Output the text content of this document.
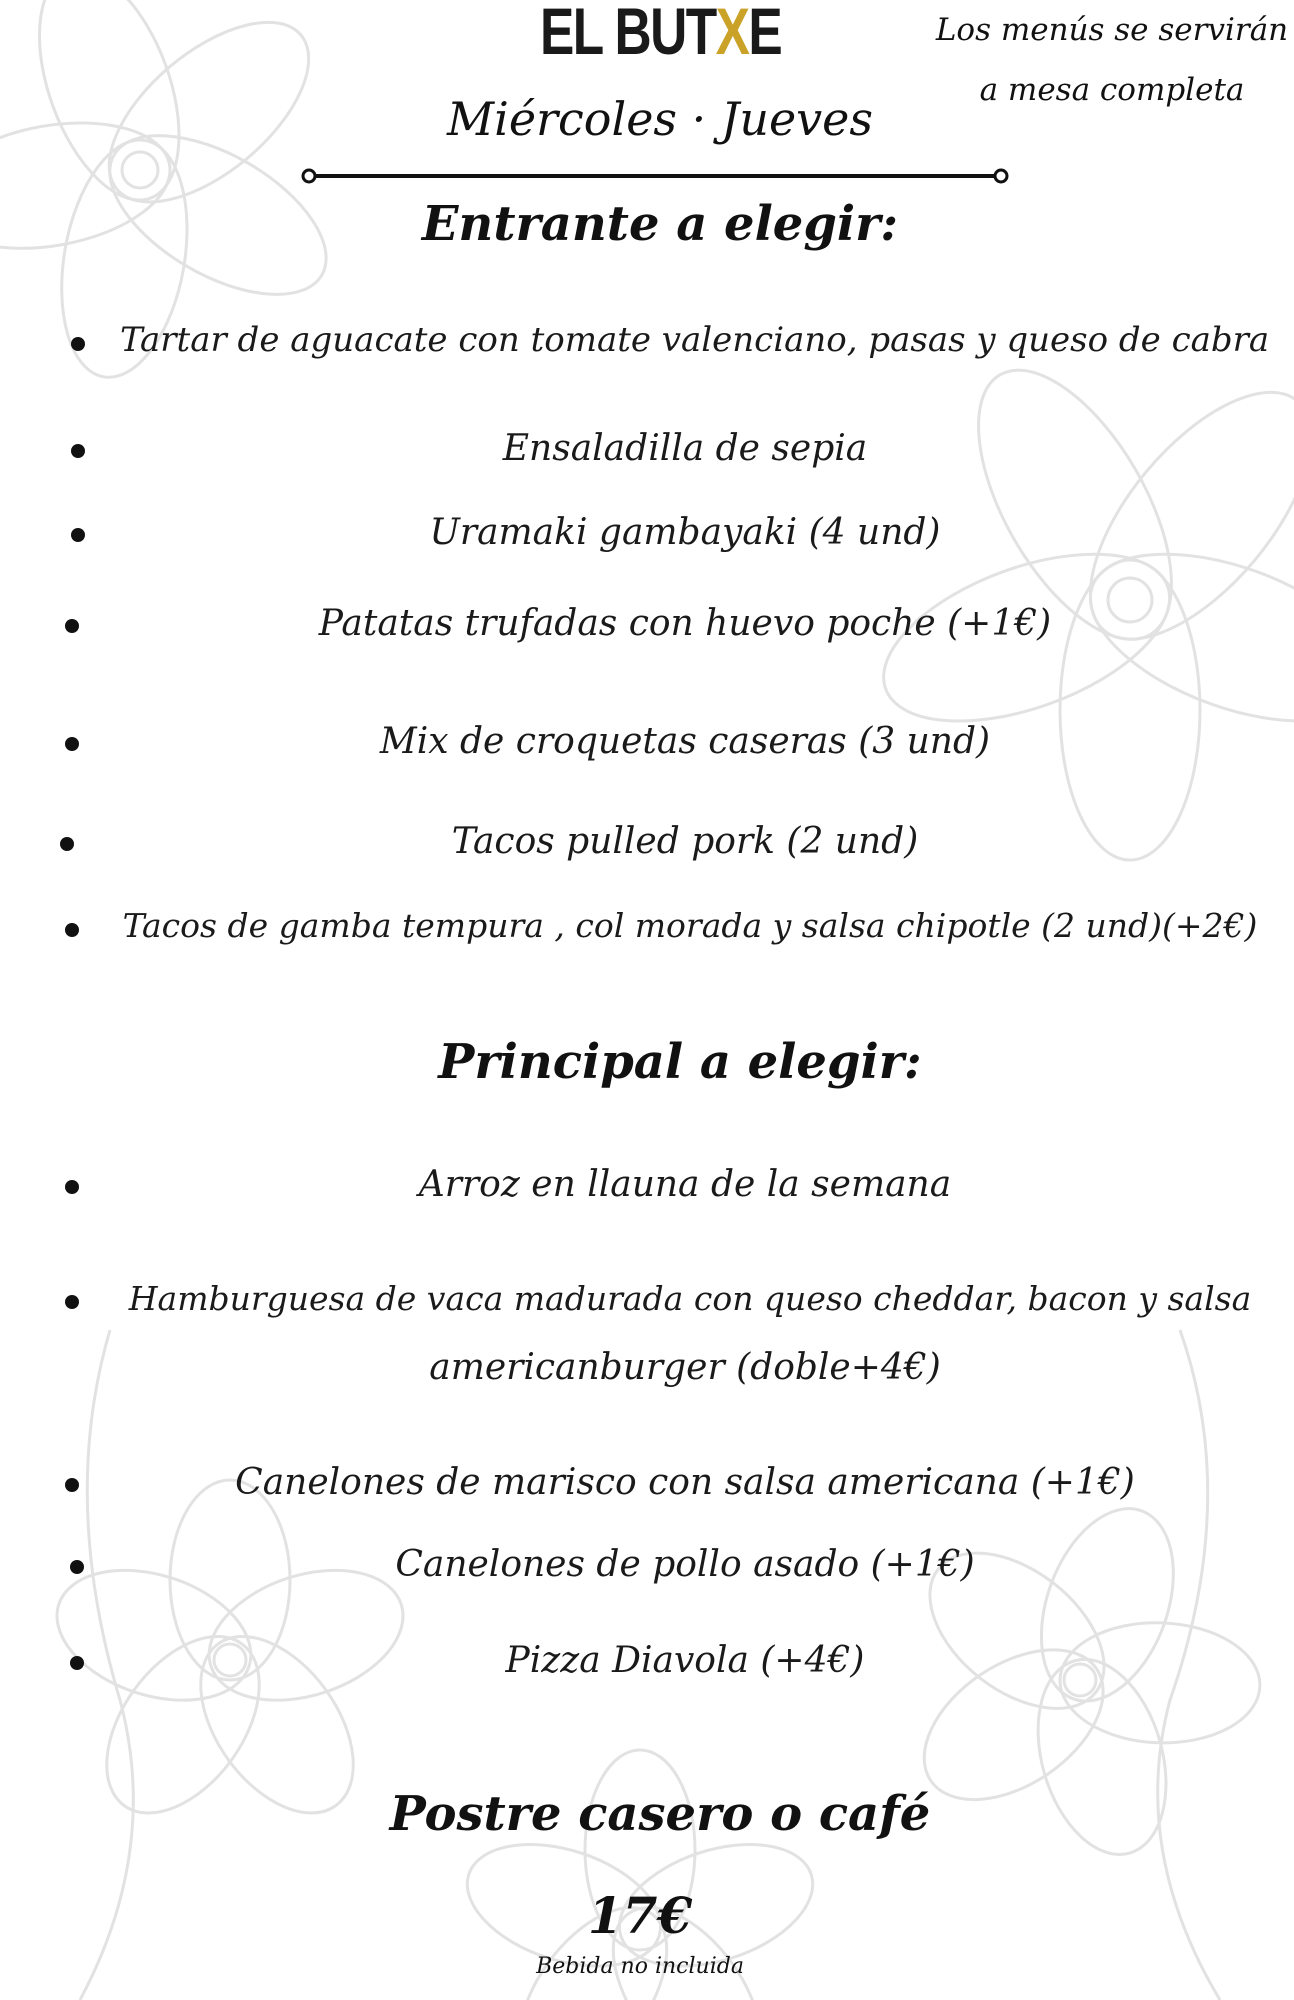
EL BUTXE	Los menús se servirán
a mesa completa
Miércoles · Jueves
Entrante a elegir:
Tartar de aguacate con tomate valenciano, pasas y queso de cabra
Ensaladilla de sepia
Uramaki gambayaki (4 und)
Patatas trufadas con huevo poche (+1€)
Mix de croquetas caseras (3 und)
Tacos pulled pork (2 und)
Tacos de gamba tempura , col morada y salsa chipotle (2 und)(+2€)
Principal a elegir:
Arroz en llauna de la semana
Hamburguesa de vaca madurada con queso cheddar, bacon y salsa
americanburger (doble+4€)
Canelones de marisco con salsa americana (+1€)
Canelones de pollo asado (+1€)
Pizza Diavola (+4€)
Postre casero o café
17€
Bebida no incluida
